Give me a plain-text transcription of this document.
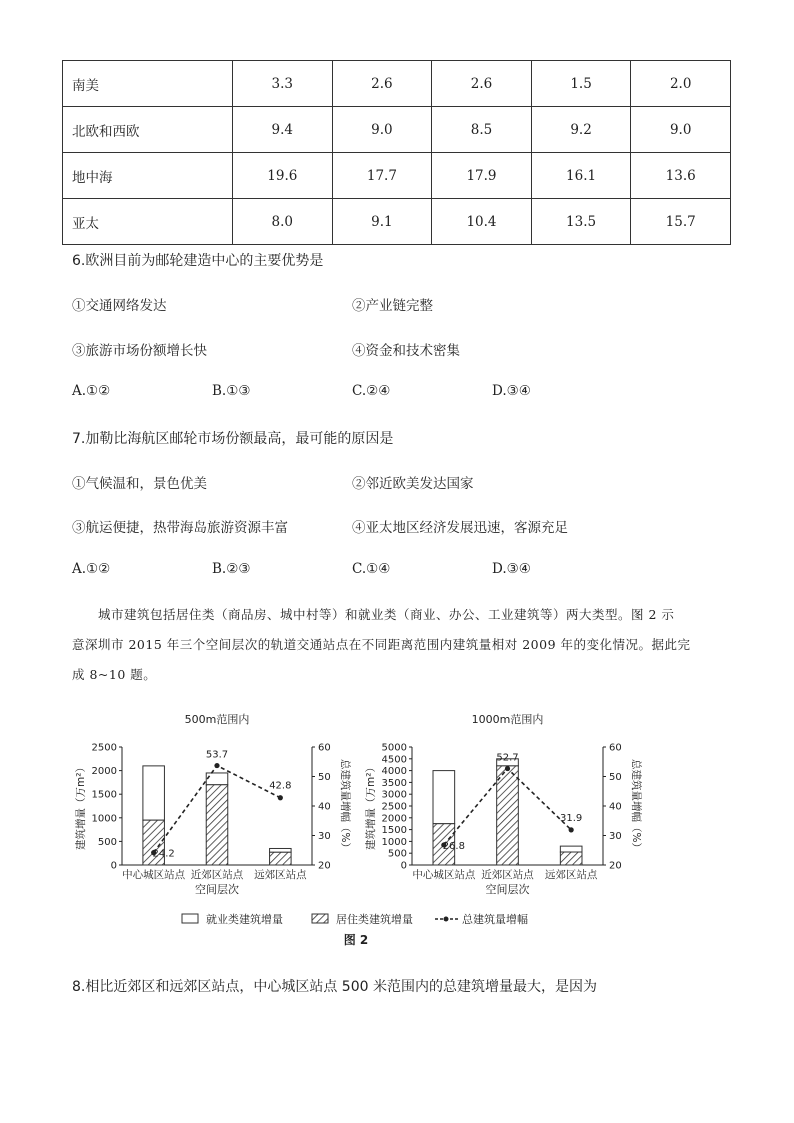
南美	3.3	2.6	2.6	1.5	2.0
北欧和西欧	9.4	9.0	8.5	9.2	9.0
地中海	19.6	17.7	17.9	16.1	13.6
亚太	8.0	9.1	10.4	13.5	15.7
6.欧洲目前为邮轮建造中心的主要优势是
①交通网络发达	②产业链完整
③旅游市场份额增长快	④资金和技术密集
A.①②	B.①③	C.②④	D.③④
7.加勒比海航区邮轮市场份额最高，最可能的原因是
①气候温和，景色优美	②邻近欧美发达国家
③航运便捷，热带海岛旅游资源丰富	④亚太地区经济发展迅速，客源充足
A.①②	B.②③	C.①④	D.③④
城市建筑包括居住类（商品房、城中村等）和就业类（商业、办公、工业建筑等）两大类型。图 2 示
意深圳市 2015 年三个空间层次的轨道交通站点在不同距离范围内建筑量相对 2009 年的变化情况。据此完
成 8~10 题。
500m范围内
0
500
1000
1500
2000
2500
20
30
40
50
60
建筑增量（万m²）	总建筑量增幅（%）
中心城区站点 近郊区站点 远郊区站点
24.2
53.7
42.8
空间层次
1000m范围内
0
500
1000
1500
2000
2500
3000
3500
4000
4500
5000
20
30
40
50
60
建筑增量（万m²）	总建筑量增幅（%）
中心城区站点 近郊区站点 远郊区站点
26.8
52.7
31.9
空间层次
就业类建筑增量	居住类建筑增量	总建筑量增幅
图 2
8.相比近郊区和远郊区站点，中心城区站点 500 米范围内的总建筑增量最大，是因为
